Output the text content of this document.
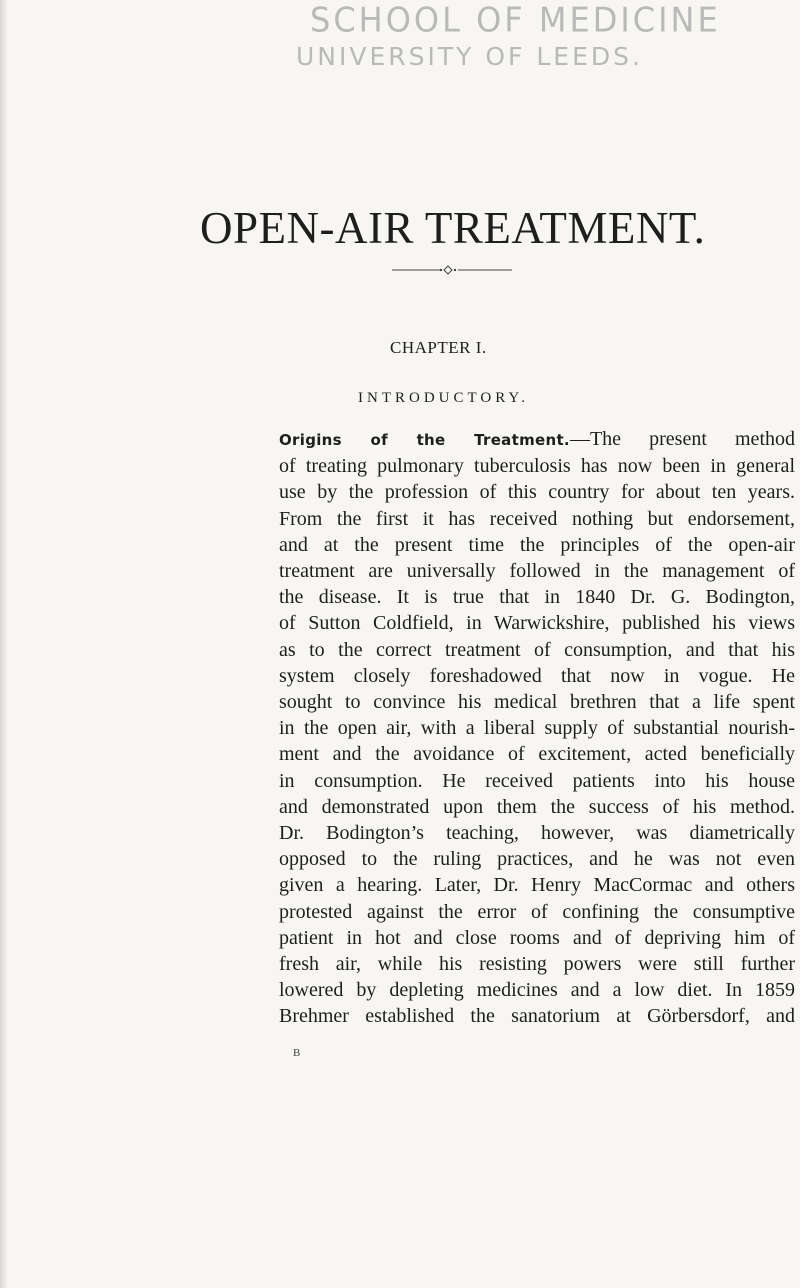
SCHOOL OF MEDICINE
UNIVERSITY OF LEEDS.
OPEN-AIR TREATMENT.
CHAPTER I.
INTRODUCTORY.
Origins of the Treatment.—The present method
of treating pulmonary tuberculosis has now been in general
use by the profession of this country for about ten years.
From the first it has received nothing but endorsement,
and at the present time the principles of the open-air
treatment are universally followed in the management of
the disease. It is true that in 1840 Dr. G. Bodington,
of Sutton Coldfield, in Warwickshire, published his views
as to the correct treatment of consumption, and that his
system closely foreshadowed that now in vogue. He
sought to convince his medical brethren that a life spent
in the open air, with a liberal supply of substantial nourish-
ment and the avoidance of excitement, acted beneficially
in consumption. He received patients into his house
and demonstrated upon them the success of his method.
Dr. Bodington’s teaching, however, was diametrically
opposed to the ruling practices, and he was not even
given a hearing. Later, Dr. Henry MacCormac and others
protested against the error of confining the consumptive
patient in hot and close rooms and of depriving him of
fresh air, while his resisting powers were still further
lowered by depleting medicines and a low diet. In 1859
Brehmer established the sanatorium at Görbersdorf, and
B
